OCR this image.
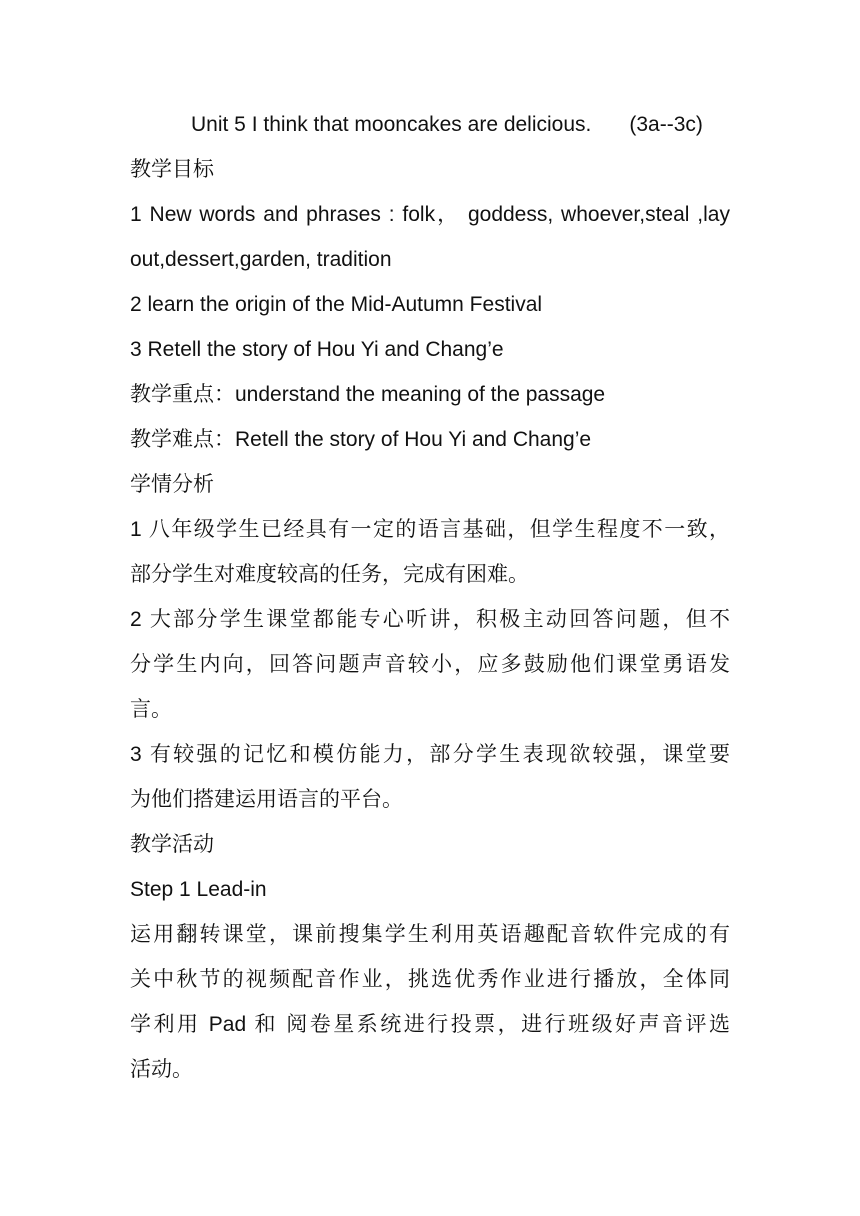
Unit 5 I think that mooncakes are delicious. (3a--3c)

教学目标

1 New words and phrases : folk， goddess, whoever,steal ,lay

out,dessert,garden, tradition

2 learn the origin of the Mid-Autumn Festival

3 Retell the story of Hou Yi and Chang’e

教学重点：understand the meaning of the passage

教学难点：Retell the story of Hou Yi and Chang’e

学情分析

1 八年级学生已经具有一定的语言基础，但学生程度不一致，

部分学生对难度较高的任务，完成有困难。

2 大部分学生课堂都能专心听讲，积极主动回答问题，但不

分学生内向，回答问题声音较小，应多鼓励他们课堂勇语发

言。

3 有较强的记忆和模仿能力，部分学生表现欲较强，课堂要

为他们搭建运用语言的平台。

教学活动

Step 1 Lead-in

运用翻转课堂，课前搜集学生利用英语趣配音软件完成的有

关中秋节的视频配音作业，挑选优秀作业进行播放，全体同

学利用 Pad 和 阅卷星系统进行投票，进行班级好声音评选

活动。
